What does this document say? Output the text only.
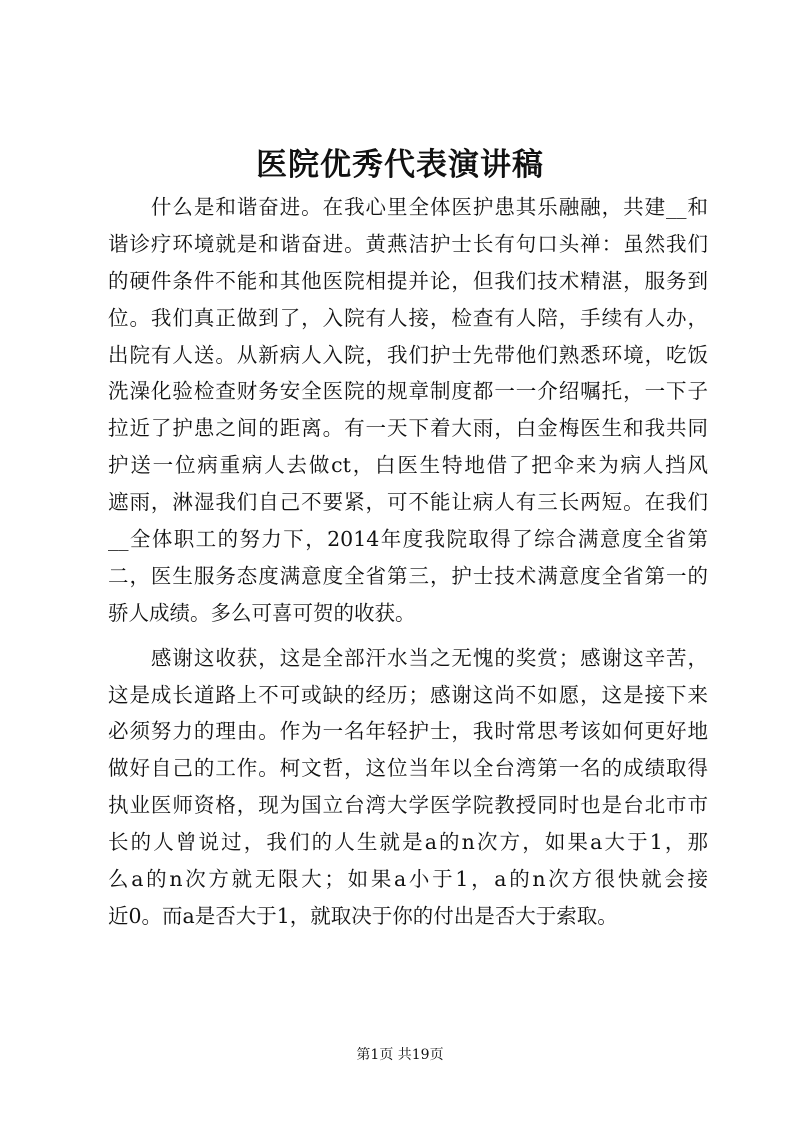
医院优秀代表演讲稿
　　什么是和谐奋进。在我心里全体医护患其乐融融，共建__和
谐诊疗环境就是和谐奋进。黄燕洁护士长有句口头禅：虽然我们
的硬件条件不能和其他医院相提并论，但我们技术精湛，服务到
位。我们真正做到了，入院有人接，检查有人陪，手续有人办，
出院有人送。从新病人入院，我们护士先带他们熟悉环境，吃饭
洗澡化验检查财务安全医院的规章制度都一一介绍嘱托，一下子
拉近了护患之间的距离。有一天下着大雨，白金梅医生和我共同
护送一位病重病人去做ct，白医生特地借了把伞来为病人挡风
遮雨，淋湿我们自己不要紧，可不能让病人有三长两短。在我们
__全体职工的努力下，2014年度我院取得了综合满意度全省第
二，医生服务态度满意度全省第三，护士技术满意度全省第一的
骄人成绩。多么可喜可贺的收获。
　　感谢这收获，这是全部汗水当之无愧的奖赏；感谢这辛苦，
这是成长道路上不可或缺的经历；感谢这尚不如愿，这是接下来
必须努力的理由。作为一名年轻护士，我时常思考该如何更好地
做好自己的工作。柯文哲，这位当年以全台湾第一名的成绩取得
执业医师资格，现为国立台湾大学医学院教授同时也是台北市市
长的人曾说过，我们的人生就是a的n次方，如果a大于1，那
么a的n次方就无限大；如果a小于1，a的n次方很快就会接
近0。而a是否大于1，就取决于你的付出是否大于索取。
第1页 共19页
